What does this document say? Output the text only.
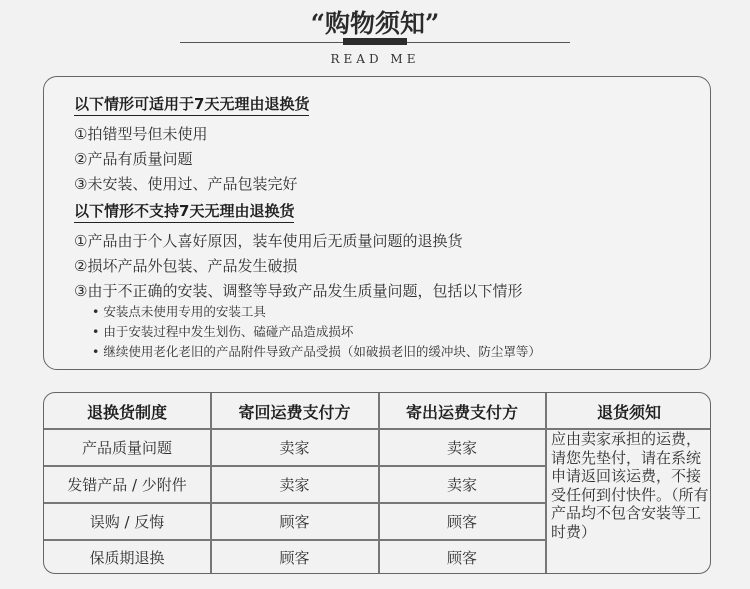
“购物须知”
READ ME
以下情形可适用于7天无理由退换货
①拍错型号但未使用
②产品有质量问题
③未安装、使用过、产品包装完好
以下情形不支持7天无理由退换货
①产品由于个人喜好原因，装车使用后无质量问题的退换货
②损坏产品外包装、产品发生破损
③由于不正确的安装、调整等导致产品发生质量问题，包括以下情形
• 安装点未使用专用的安装工具
• 由于安装过程中发生划伤、磕碰产品造成损坏
• 继续使用老化老旧的产品附件导致产品受损（如破损老旧的缓冲块、防尘罩等）
退换货制度	寄回运费支付方	寄出运费支付方	退货须知
产品质量问题	卖家	卖家
发错产品 / 少附件	卖家	卖家
误购 / 反悔	顾客	顾客
保质期退换	顾客	顾客
应由卖家承担的运费，请您先垫付，请在系统申请返回该运费，不接受任何到付快件。（所有产品均不包含安装等工时费）
